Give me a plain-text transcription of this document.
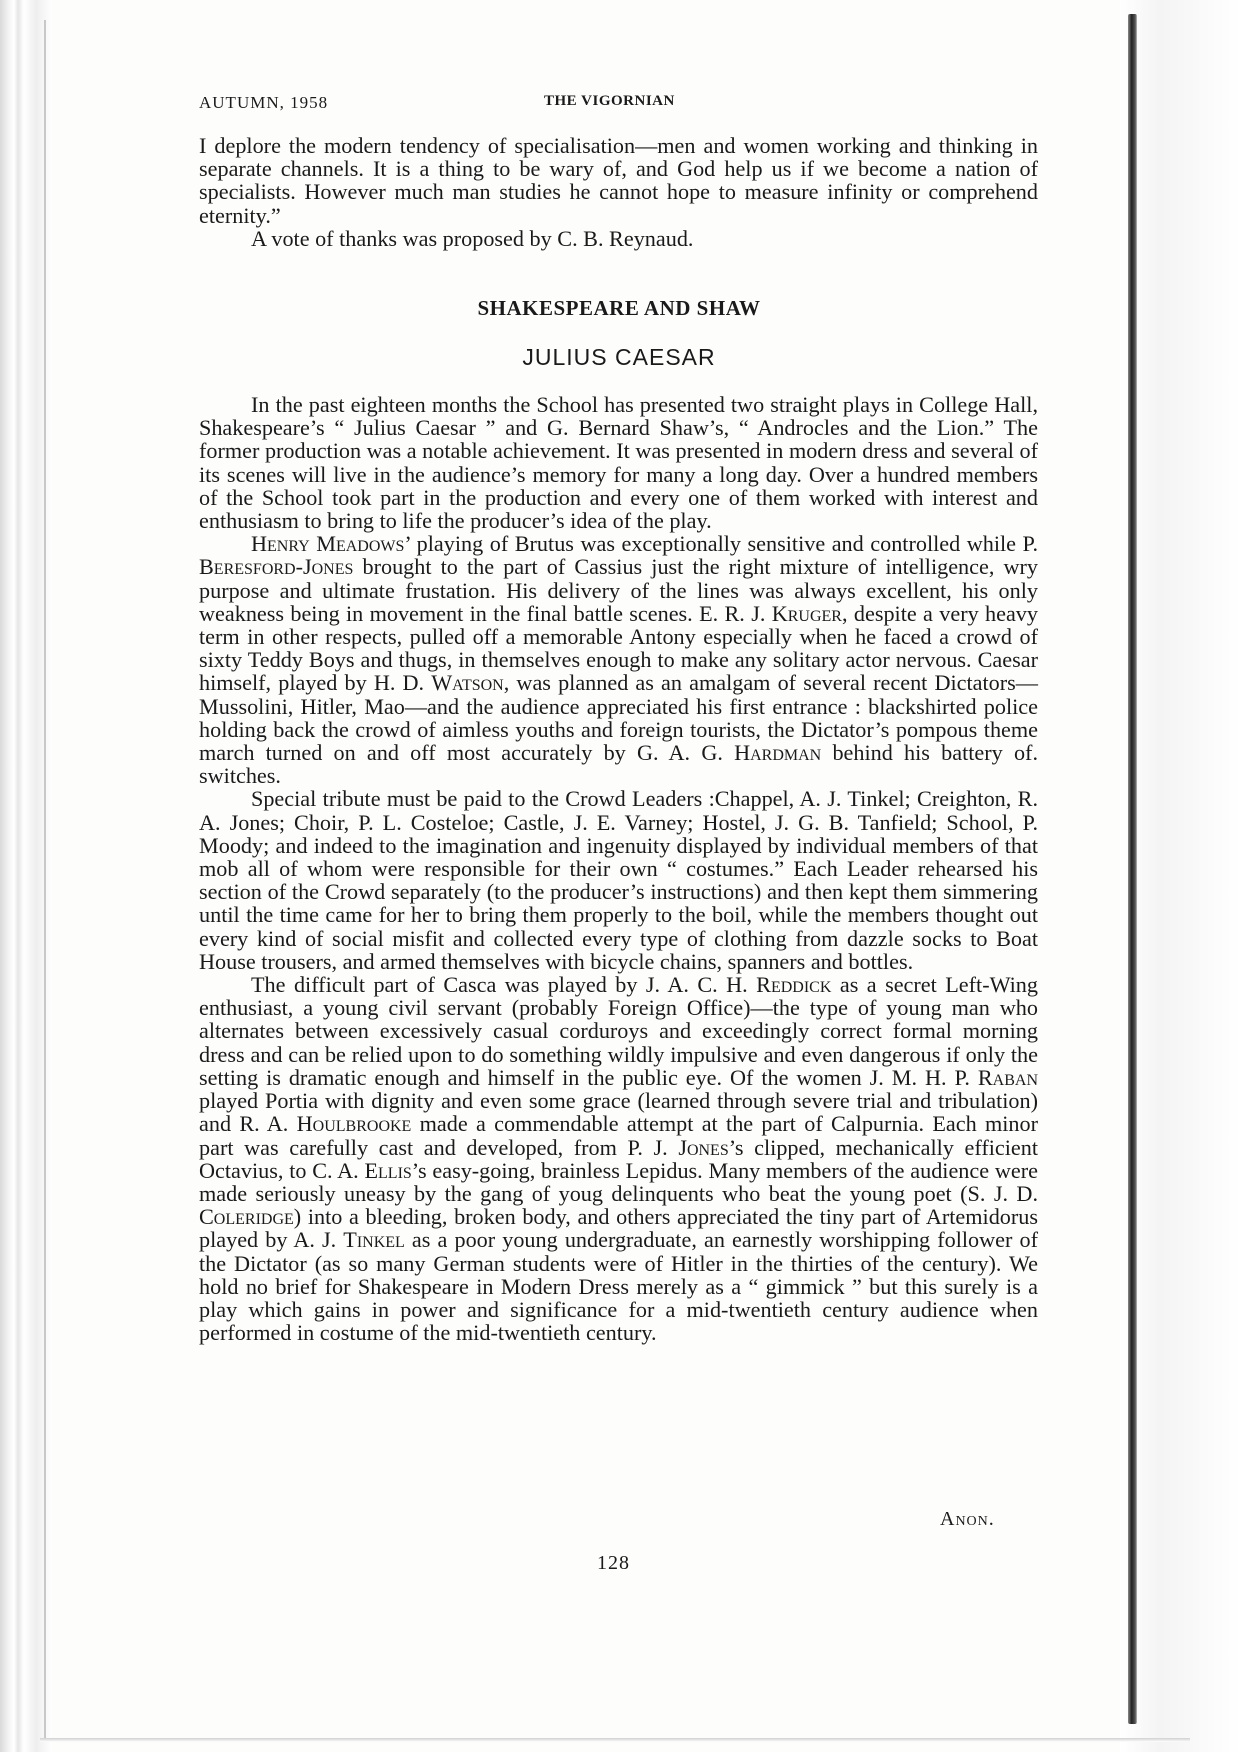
AUTUMN, 1958	THE VIGORNIAN

I deplore the modern tendency of specialisation—men and women working and thinking in separate channels. It is a thing to be wary of, and God help us if we become a nation of specialists. However much man studies he cannot hope to measure infinity or comprehend eternity.”

A vote of thanks was proposed by C. B. Reynaud.

SHAKESPEARE AND SHAW
JULIUS CAESAR

In the past eighteen months the School has presented two straight plays in College Hall, Shakespeare’s “ Julius Caesar ” and G. Bernard Shaw’s, “ Androcles and the Lion.” The former production was a notable achievement. It was presented in modern dress and several of its scenes will live in the audience’s memory for many a long day. Over a hundred members of the School took part in the production and every one of them worked with interest and enthusiasm to bring to life the producer’s idea of the play.

Henry Meadows’ playing of Brutus was exceptionally sensitive and controlled while P. Beresford-Jones brought to the part of Cassius just the right mixture of intelligence, wry purpose and ultimate frustation. His delivery of the lines was always excellent, his only weakness being in movement in the final battle scenes. E. R. J. Kruger, despite a very heavy term in other respects, pulled off a memorable Antony especially when he faced a crowd of sixty Teddy Boys and thugs, in themselves enough to make any solitary actor nervous. Caesar himself, played by H. D. Watson, was planned as an amalgam of several recent Dictators—Mussolini, Hitler, Mao—and the audience appreciated his first entrance : blackshirted police holding back the crowd of aimless youths and foreign tourists, the Dictator’s pompous theme march turned on and off most accurately by G. A. G. Hardman behind his battery of. switches.

Special tribute must be paid to the Crowd Leaders :Chappel, A. J. Tinkel; Creighton, R. A. Jones; Choir, P. L. Costeloe; Castle, J. E. Varney; Hostel, J. G. B. Tanfield; School, P. Moody; and indeed to the imagination and ingenuity displayed by individual members of that mob all of whom were responsible for their own “ costumes.” Each Leader rehearsed his section of the Crowd separately (to the producer’s instructions) and then kept them simmering until the time came for her to bring them properly to the boil, while the members thought out every kind of social misfit and collected every type of clothing from dazzle socks to Boat House trousers, and armed themselves with bicycle chains, spanners and bottles.

The difficult part of Casca was played by J. A. C. H. Reddick as a secret Left-Wing enthusiast, a young civil servant (probably Foreign Office)—the type of young man who alternates between excessively casual corduroys and exceedingly correct formal morning dress and can be relied upon to do something wildly impulsive and even dangerous if only the setting is dramatic enough and himself in the public eye. Of the women J. M. H. P. Raban played Portia with dignity and even some grace (learned through severe trial and tribulation) and R. A. Houlbrooke made a commendable attempt at the part of Calpurnia. Each minor part was carefully cast and developed, from P. J. Jones’s clipped, mechanically efficient Octavius, to C. A. Ellis’s easy-going, brainless Lepidus. Many members of the audience were made seriously uneasy by the gang of youg delinquents who beat the young poet (S. J. D. Coleridge) into a bleeding, broken body, and others appreciated the tiny part of Artemidorus played by A. J. Tinkel as a poor young undergraduate, an earnestly worshipping follower of the Dictator (as so many German students were of Hitler in the thirties of the century). We hold no brief for Shakespeare in Modern Dress merely as a “ gimmick ” but this surely is a play which gains in power and significance for a mid-twentieth century audience when performed in costume of the mid-twentieth century.

Anon.
128
